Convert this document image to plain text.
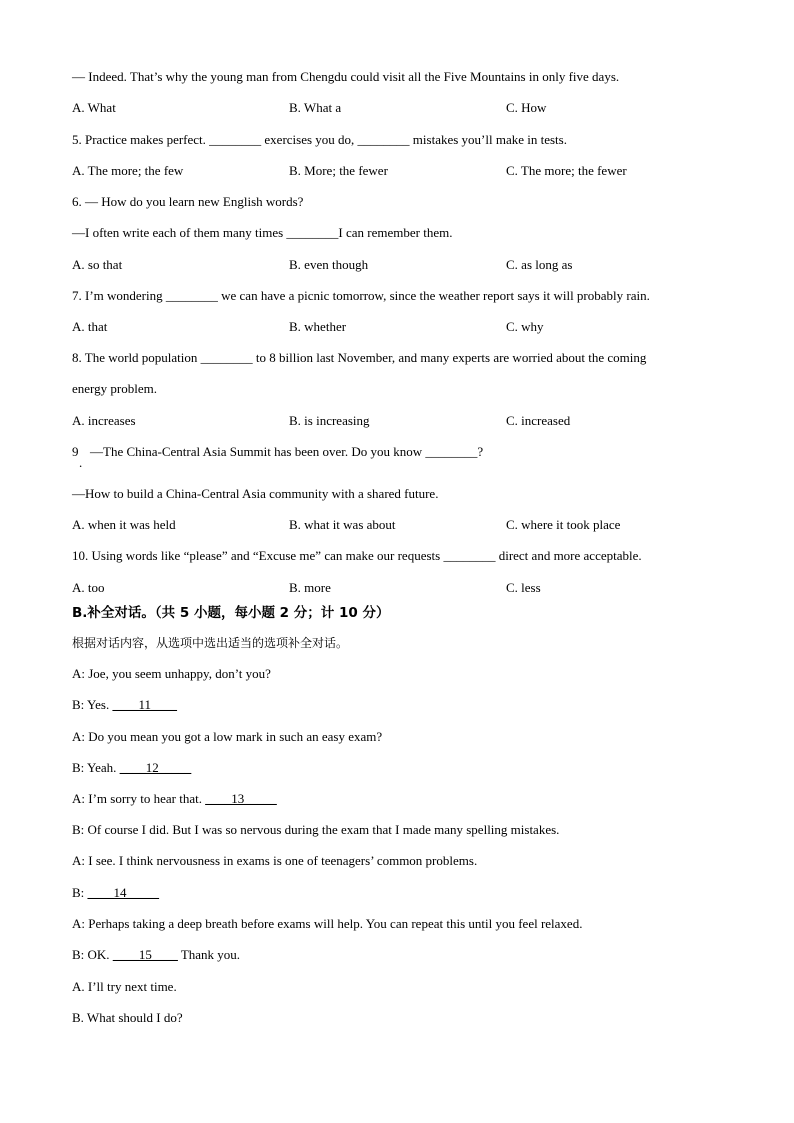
— Indeed. That’s why the young man from Chengdu could visit all the Five Mountains in only five days.
A. What	B. What a	C. How
5. Practice makes perfect. ________ exercises you do, ________ mistakes you’ll make in tests.
A. The more; the few	B. More; the fewer	C. The more; the fewer
6. — How do you learn new English words?
—I often write each of them many times ________I can remember them.
A. so that	B. even though	C. as long as
7. I’m wondering ________ we can have a picnic tomorrow, since the weather report says it will probably rain.
A. that	B. whether	C. why
8. The world population ________ to 8 billion last November, and many experts are worried about the coming
energy problem.
A. increases	B. is increasing	C. increased
9
.
—The China-Central Asia Summit has been over. Do you know ________?
—How to build a China-Central Asia community with a shared future.
A. when it was held	B. what it was about	C. where it took place
10. Using words like “please” and “Excuse me” can make our requests ________ direct and more acceptable.
A. too	B. more	C. less
B.补全对话。（共 5 小题，每小题 2 分；计 10 分）
根据对话内容，从选项中选出适当的选项补全对话。
A: Joe, you seem unhappy, don’t you?
B: Yes. ____11____
A: Do you mean you got a low mark in such an easy exam?
B: Yeah. ____12_____
A: I’m sorry to hear that. ____13_____
B: Of course I did. But I was so nervous during the exam that I made many spelling mistakes.
A: I see. I think nervousness in exams is one of teenagers’ common problems.
B: ____14_____
A: Perhaps taking a deep breath before exams will help. You can repeat this until you feel relaxed.
B: OK. ____15____ Thank you.
A. I’ll try next time.
B. What should I do?
